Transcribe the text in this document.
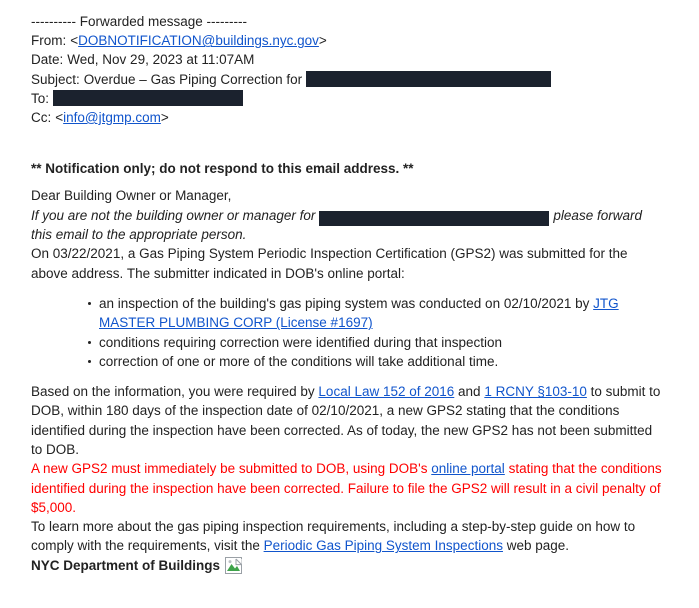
---------- Forwarded message ---------
From: < DOBNOTIFICATION@buildings.nyc.gov >
Date: Wed, Nov 29, 2023 at 11:07AM
Subject: Overdue – Gas Piping Correction for
To:
Cc: < info@jtgmp.com >
** Notification only; do not respond to this email address. **
Dear Building Owner or Manager,
If you are not the building owner or manager for	please forward this email to the appropriate person.
On 03/22/2021, a Gas Piping System Periodic Inspection Certification (GPS2) was submitted for the above address. The submitter indicated in DOB's online portal:
an inspection of the building's gas piping system was conducted on 02/10/2021 by JTG MASTER PLUMBING CORP (License #1697)
conditions requiring correction were identified during that inspection
correction of one or more of the conditions will take additional time.
Based on the information, you were required by Local Law 152 of 2016 and 1 RCNY §103-10 to submit to DOB, within 180 days of the inspection date of 02/10/2021, a new GPS2 stating that the conditions identified during the inspection have been corrected. As of today, the new GPS2 has not been submitted to DOB.
A new GPS2 must immediately be submitted to DOB, using DOB's online portal stating that the conditions identified during the inspection have been corrected. Failure to file the GPS2 will result in a civil penalty of $5,000.
To learn more about the gas piping inspection requirements, including a step-by-step guide on how to comply with the requirements, visit the Periodic Gas Piping System Inspections web page.
NYC Department of Buildings
